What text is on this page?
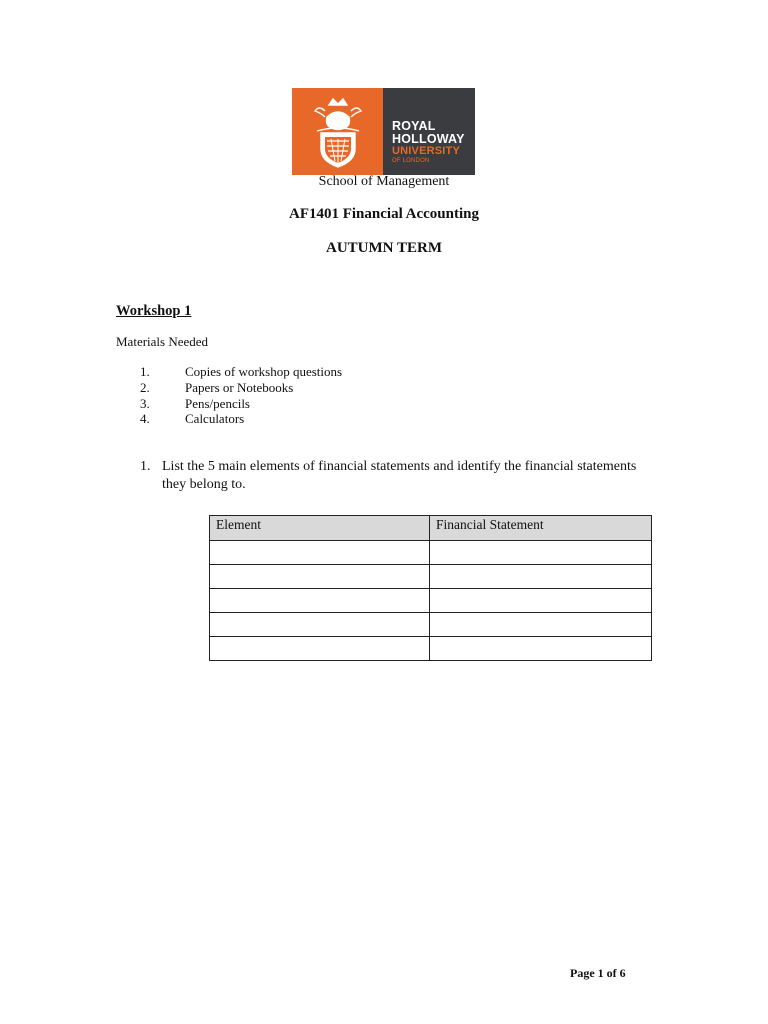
ROYAL
HOLLOWAY
UNIVERSITY
OF LONDON
School of Management
AF1401 Financial Accounting
AUTUMN TERM
Workshop 1
Materials Needed
1.	Copies of workshop questions
2.	Papers or Notebooks
3.	Pens/pencils
4.	Calculators
1. List the 5 main elements of financial statements and identify the financial statements they belong to.
Element	Financial Statement

Page 1 of 6
